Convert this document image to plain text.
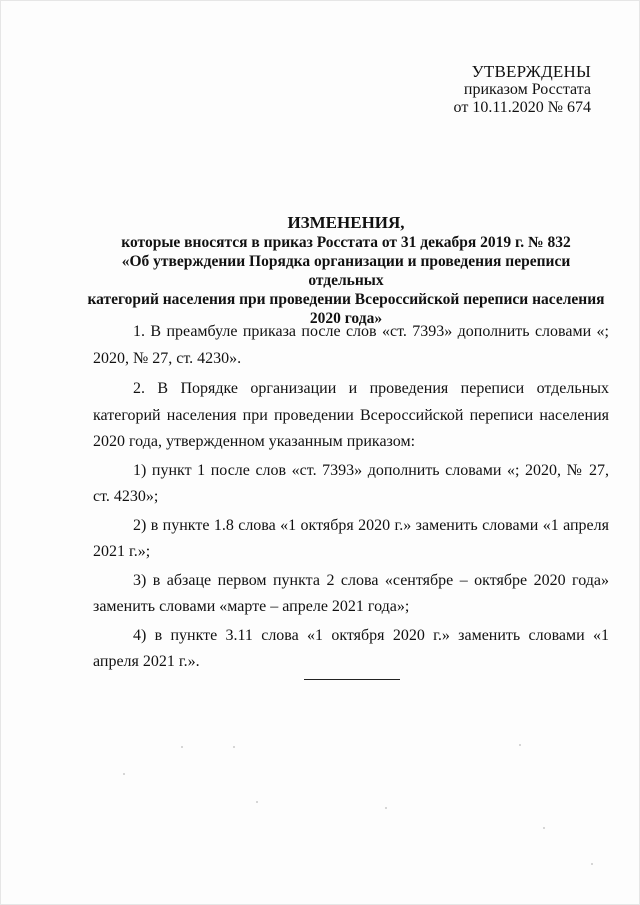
УТВЕРЖДЕНЫ
приказом Росстата
от 10.11.2020 № 674
ИЗМЕНЕНИЯ,
которые вносятся в приказ Росстата от 31 декабря 2019 г. № 832
«Об утверждении Порядка организации и проведения переписи отдельных
категорий населения при проведении Всероссийской переписи населения
2020 года»

1. В преамбуле приказа после слов «ст. 7393» дополнить словами «; 2020, № 27, ст. 4230».

2. В Порядке организации и проведения переписи отдельных категорий населения при проведении Всероссийской переписи населения 2020 года, утвержденном указанным приказом:

1) пункт 1 после слов «ст. 7393» дополнить словами «; 2020, № 27, ст. 4230»;

2) в пункте 1.8 слова «1 октября 2020 г.» заменить словами «1 апреля 2021 г.»;

3) в абзаце первом пункта 2 слова «сентябре – октябре 2020 года» заменить словами «марте – апреле 2021 года»;

4) в пункте 3.11 слова «1 октября 2020 г.» заменить словами «1 апреля 2021 г.».
